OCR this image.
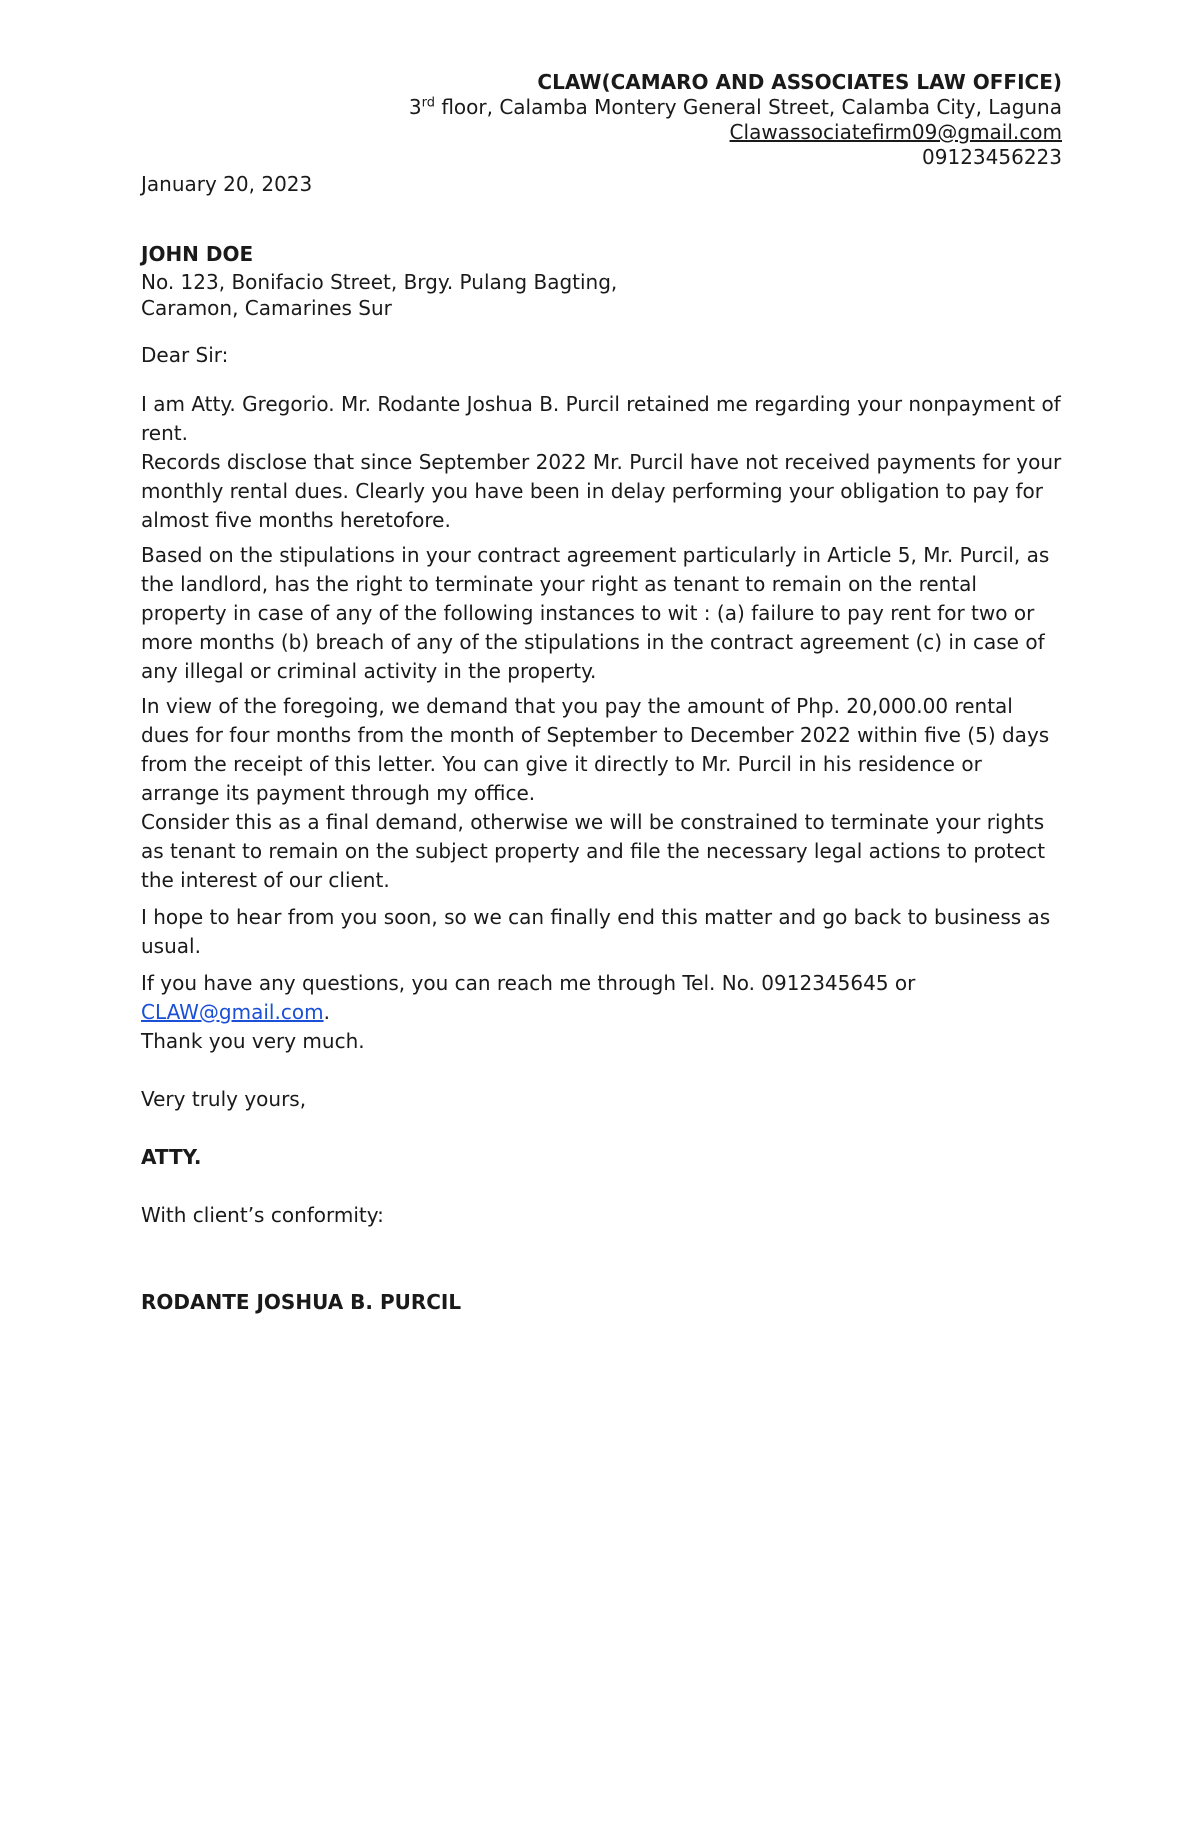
CLAW(CAMARO AND ASSOCIATES LAW OFFICE)
3rd floor, Calamba Montery General Street, Calamba City, Laguna
Clawassociatefirm09@gmail.com
09123456223

January 20, 2023

JOHN DOE

No. 123, Bonifacio Street, Brgy. Pulang Bagting,

Caramon, Camarines Sur

Dear Sir:

I am Atty. Gregorio. Mr. Rodante Joshua B. Purcil retained me regarding your nonpayment of rent.

Records disclose that since September 2022 Mr. Purcil have not received payments for your monthly rental dues. Clearly you have been in delay performing your obligation to pay for almost five months heretofore.

Based on the stipulations in your contract agreement particularly in Article 5, Mr. Purcil, as the landlord, has the right to terminate your right as tenant to remain on the rental property in case of any of the following instances to wit : (a) failure to pay rent for two or more months (b) breach of any of the stipulations in the contract agreement (c) in case of any illegal or criminal activity in the property.

In view of the foregoing, we demand that you pay the amount of Php. 20,000.00 rental dues for four months from the month of September to December 2022 within five (5) days from the receipt of this letter. You can give it directly to Mr. Purcil in his residence or arrange its payment through my office.

Consider this as a final demand, otherwise we will be constrained to terminate your rights as tenant to remain on the subject property and file the necessary legal actions to protect the interest of our client.

I hope to hear from you soon, so we can finally end this matter and go back to business as usual.

If you have any questions, you can reach me through Tel. No. 0912345645 or CLAW@gmail.com.

Thank you very much.

Very truly yours,

ATTY.

With client’s conformity:

RODANTE JOSHUA B. PURCIL
